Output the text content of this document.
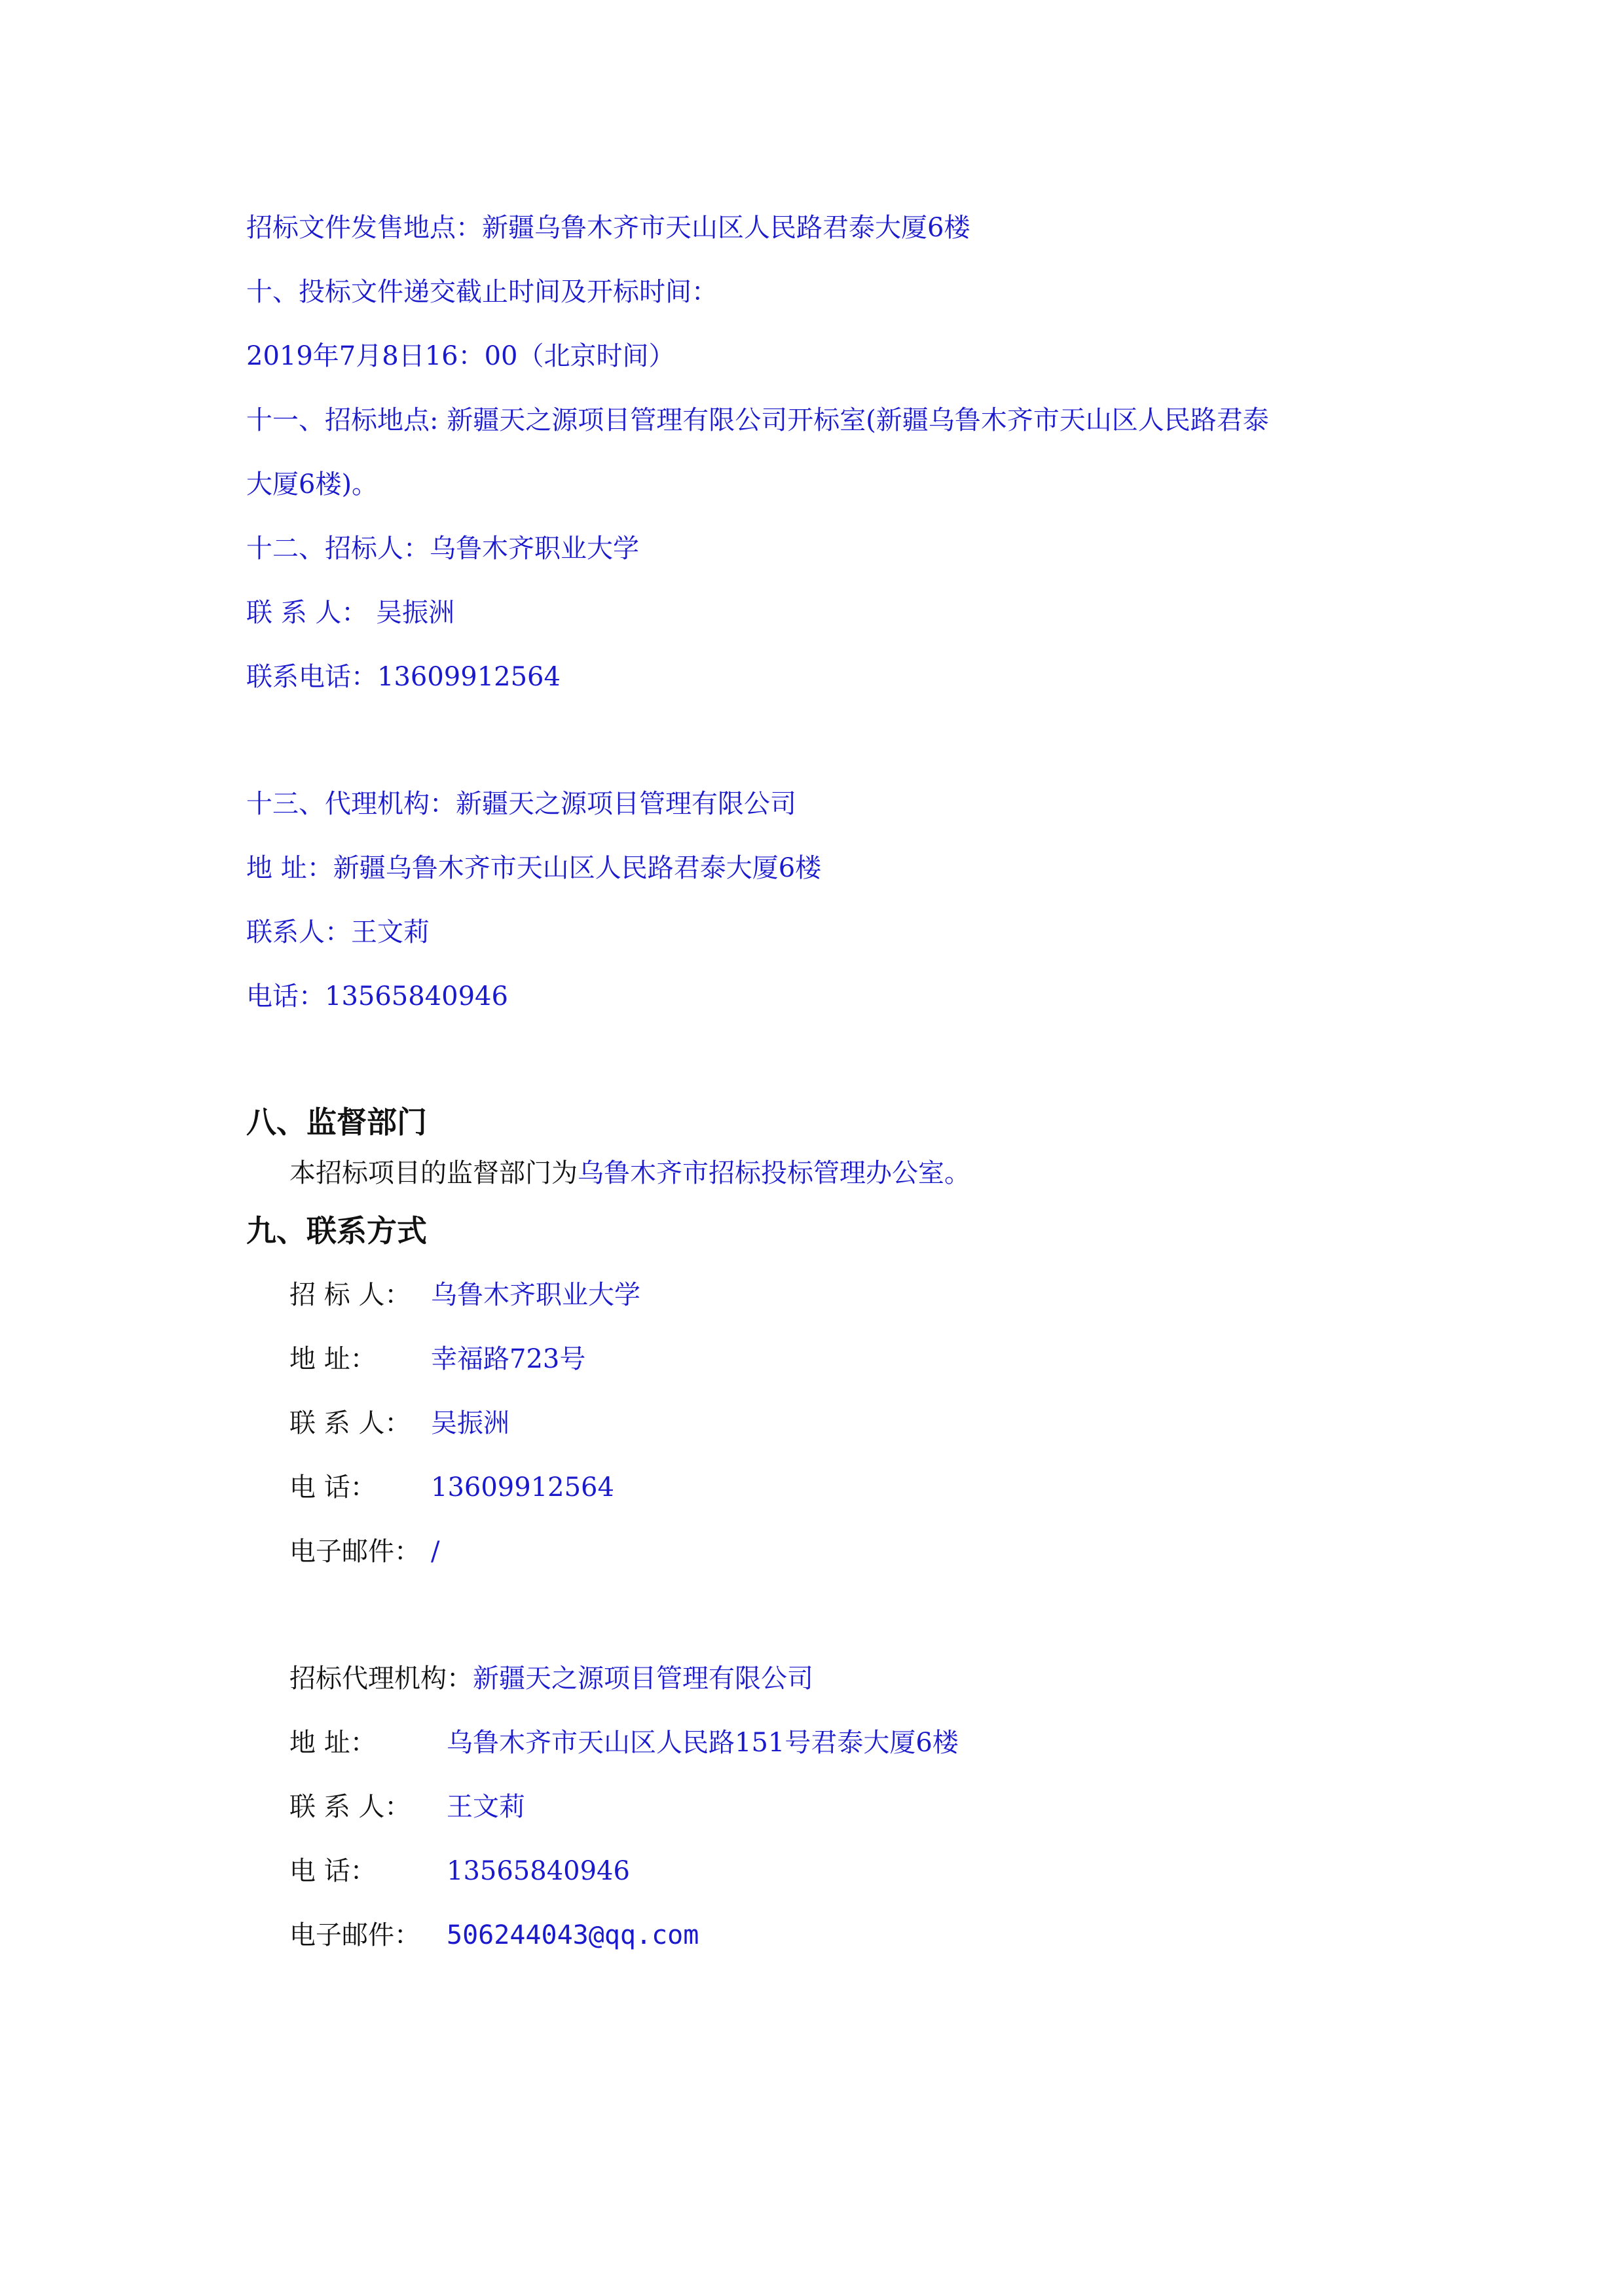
招标文件发售地点：新疆乌鲁木齐市天山区人民路君泰大厦6楼
十、投标文件递交截止时间及开标时间：
2019年7月8日16：00（北京时间）
十一、招标地点: 新疆天之源项目管理有限公司开标室(新疆乌鲁木齐市天山区人民路君泰
大厦6楼)。
十二、招标人：乌鲁木齐职业大学
联 系 人： 吴振洲
联系电话：13609912564
十三、代理机构：新疆天之源项目管理有限公司
地 址：新疆乌鲁木齐市天山区人民路君泰大厦6楼
联系人：王文莉
电话：13565840946
八、监督部门
本招标项目的监督部门为乌鲁木齐市招标投标管理办公室。
九、联系方式
招 标 人： 乌鲁木齐职业大学
地 址： 幸福路723号
联 系 人： 吴振洲
电 话： 13609912564
电子邮件： /
招标代理机构：新疆天之源项目管理有限公司
地 址：	乌鲁木齐市天山区人民路151号君泰大厦6楼
联 系 人： 王文莉
电 话：	13565840946
电子邮件： 506244043@qq.com
